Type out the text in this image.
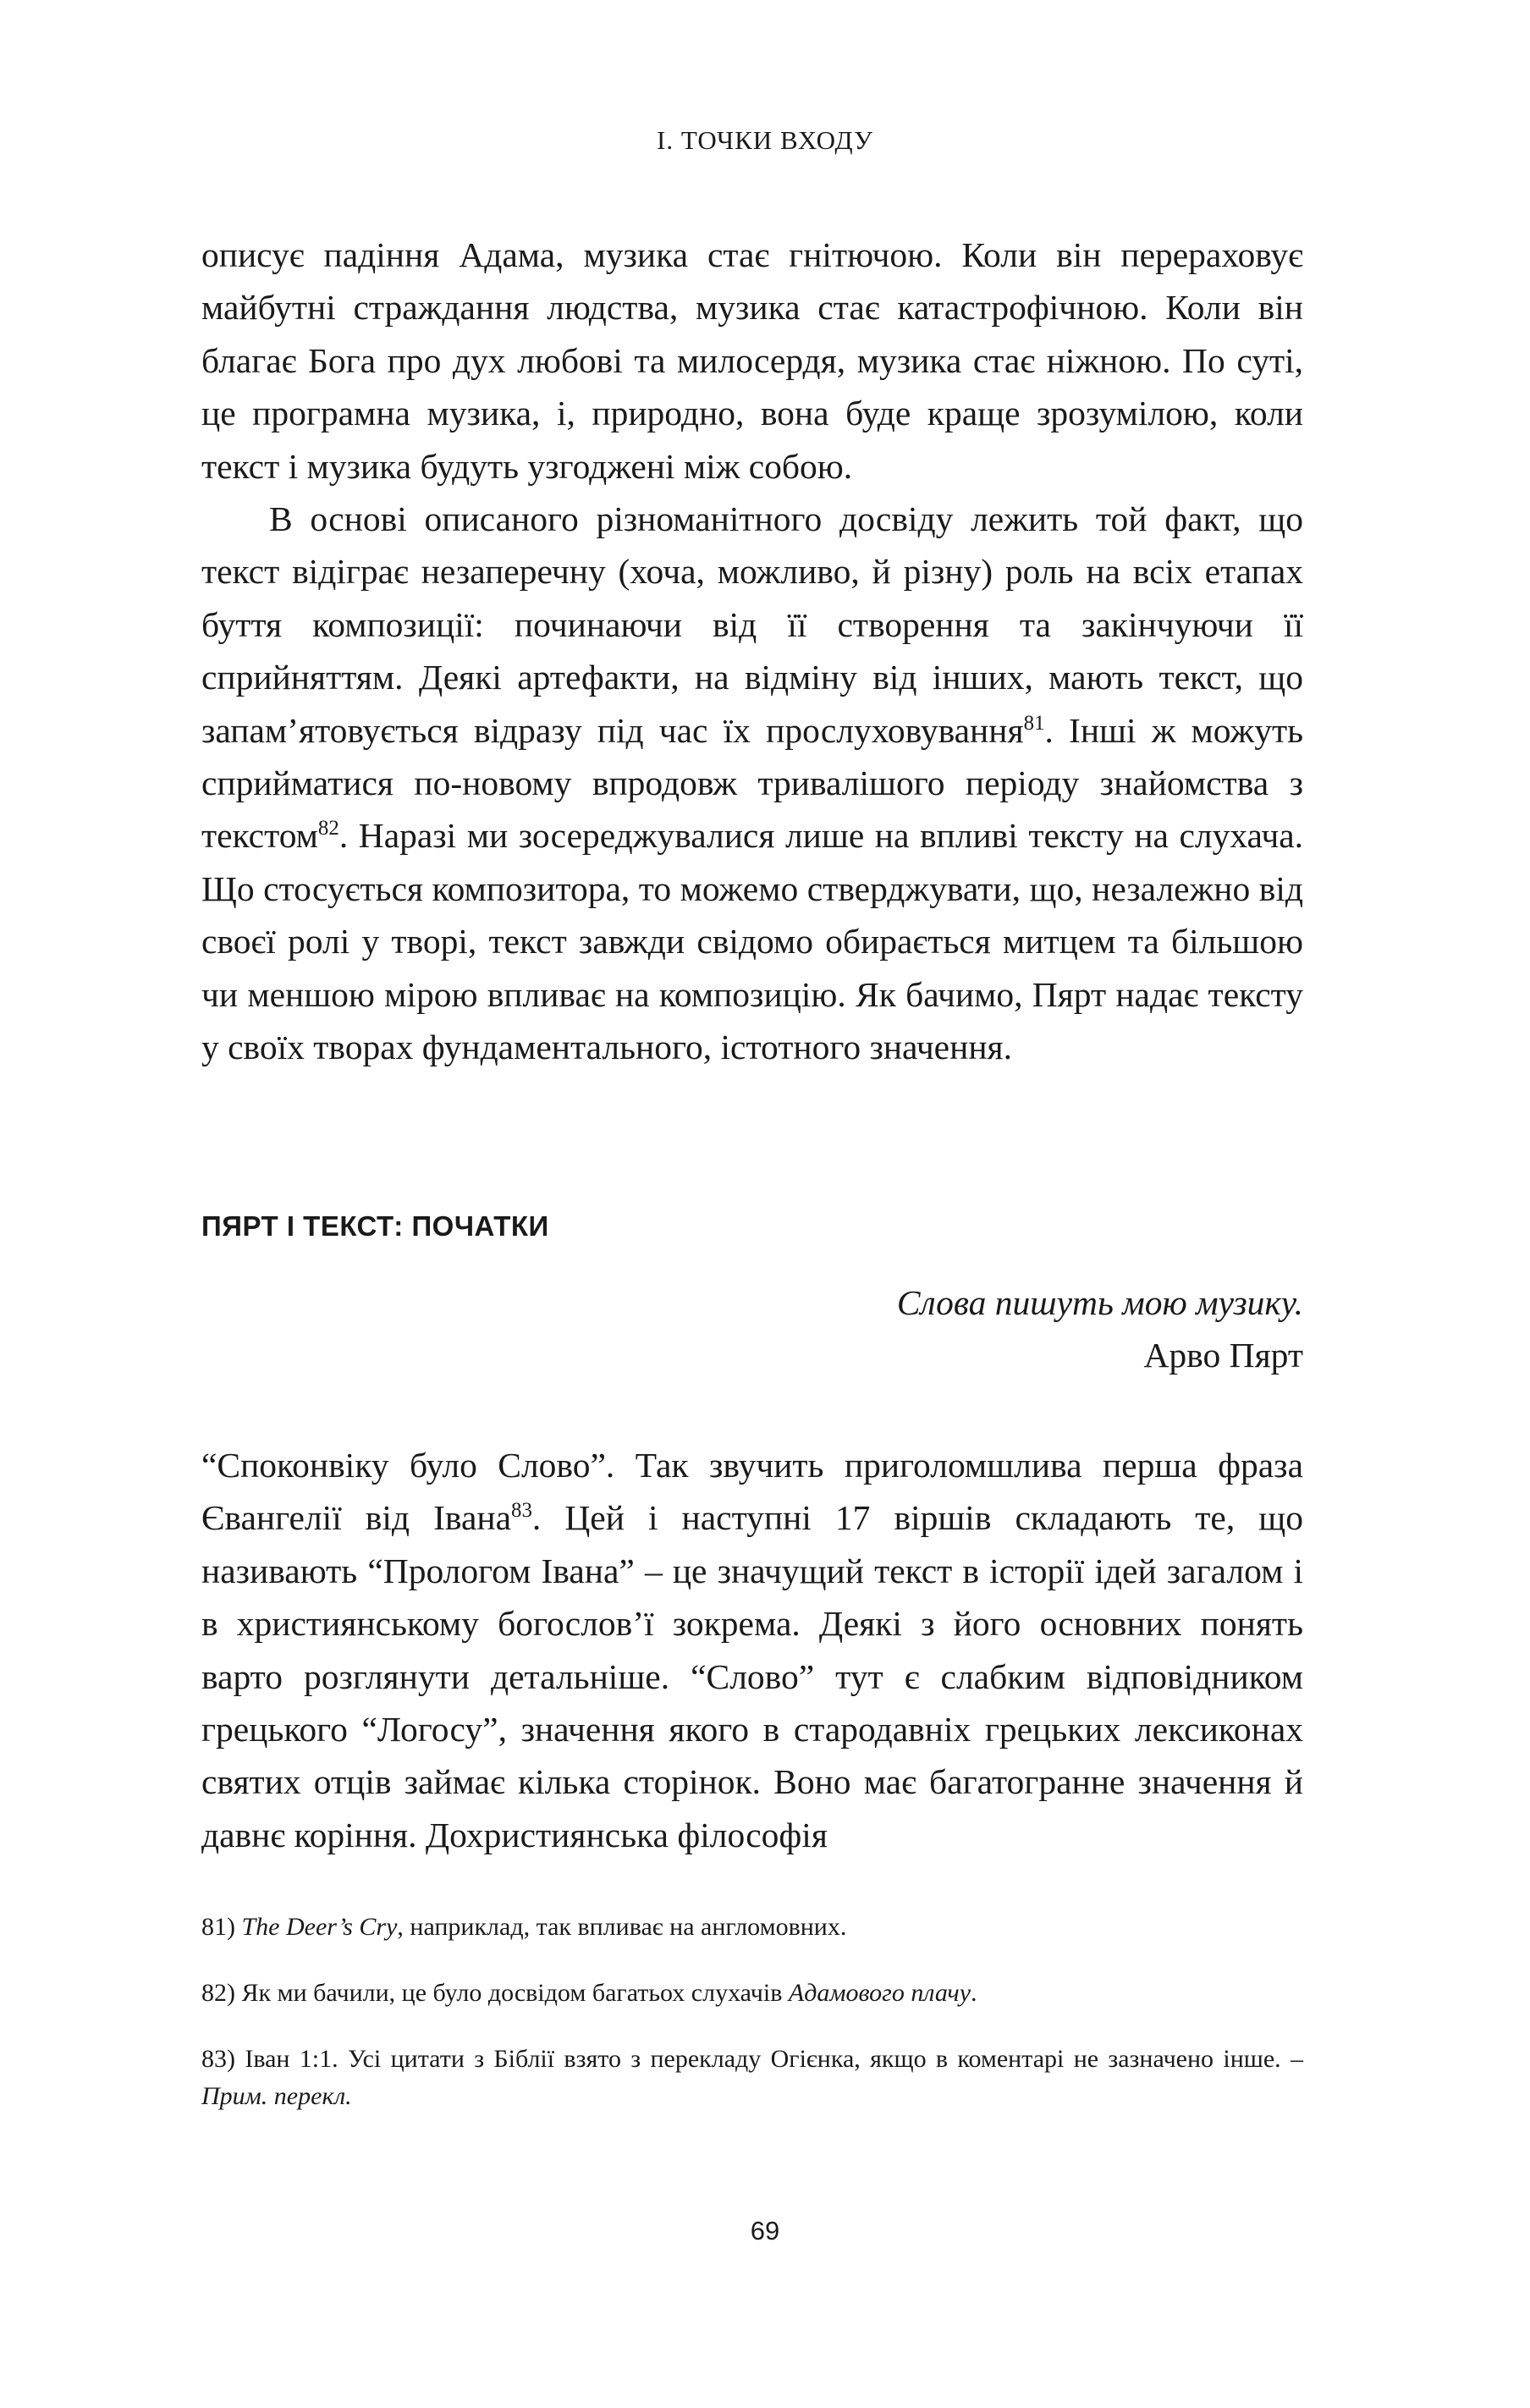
I. ТОЧКИ ВХОДУ

описує падіння Адама, музика стає гнітючою. Коли він перераховує майбутні страждання людства, музика стає катастрофічною. Коли він благає Бога про дух любові та милосердя, музика стає ніжною. По суті, це програмна музика, і, природно, вона буде краще зрозумілою, коли текст і музика будуть узгоджені між собою.

В основі описаного різноманітного досвіду лежить той факт, що текст відіграє незаперечну (хоча, можливо, й різну) роль на всіх етапах буття композиції: починаючи від її створення та закінчуючи її сприйняттям. Деякі артефакти, на відміну від інших, мають текст, що запам’ятовується відразу під час їх прослуховування$^{81}$. Інші ж можуть сприйматися по-новому впродовж тривалішого періоду знайомства з текстом$^{82}$. Наразі ми зосереджувалися лише на впливі тексту на слухача. Що стосується композитора, то можемо стверджувати, що, незалежно від своєї ролі у творі, текст завжди свідомо обирається митцем та більшою чи меншою мірою впливає на композицію. Як бачимо, Пярт надає тексту у своїх творах фундаментального, істотного значення.

ПЯРТ І ТЕКСТ: ПОЧАТКИ
Слова пишуть мою музику.
Арво Пярт

“Споконвіку було Слово”. Так звучить приголомшлива перша фраза Євангелії від Івана$^{83}$. Цей і наступні 17 віршів складають те, що називають “Прологом Івана” – це значущий текст в історії ідей загалом і в християнському богослов’ї зокрема. Деякі з його основних понять варто розглянути детальніше. “Слово” тут є слабким відповідником грецького “Логосу”, значення якого в стародавніх грецьких лексиконах святих отців займає кілька сторінок. Воно має багатогранне значення й давнє коріння. Дохристиянська філософія

81) The Deer’s Cry, наприклад, так впливає на англомовних.

82) Як ми бачили, це було досвідом багатьох слухачів Адамового плачу.

83) Іван 1:1. Усі цитати з Біблії взято з перекладу Огієнка, якщо в коментарі не зазначено інше. – Прим. перекл.

69
